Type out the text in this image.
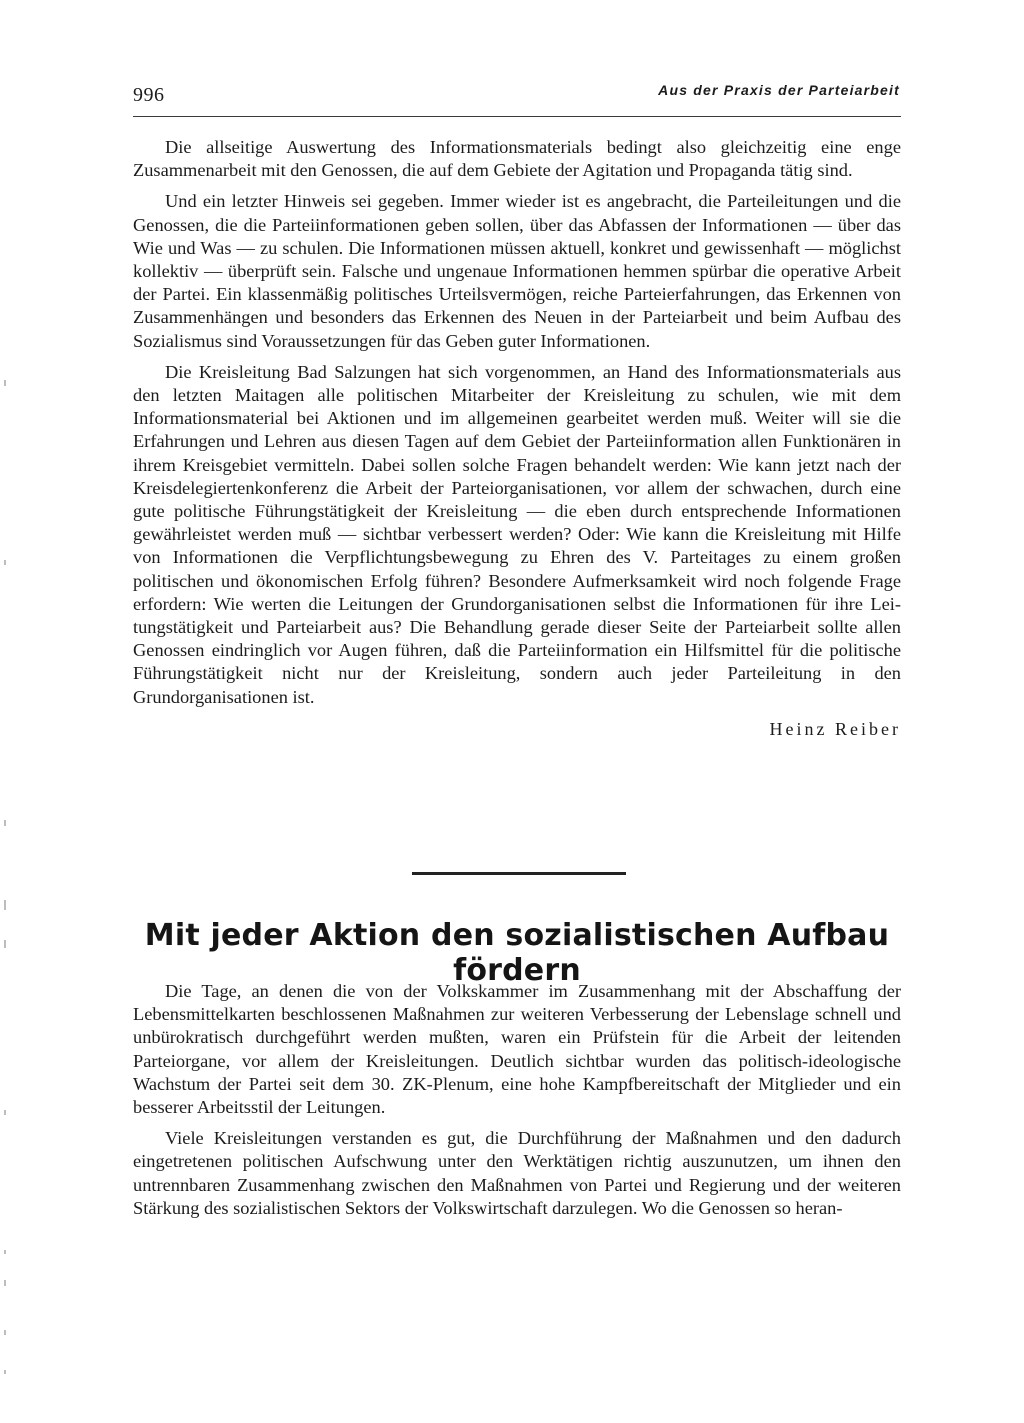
996	Aus der Praxis der Parteiarbeit

Die allseitige Auswertung des Informationsmaterials bedingt also gleichzeitig eine enge Zusammenarbeit mit den Genossen, die auf dem Gebiete der Agitation und Propaganda tätig sind.

Und ein letzter Hinweis sei gegeben. Immer wieder ist es angebracht, die Parteileitungen und die Genossen, die die Parteiinformationen geben sollen, über das Abfassen der Informationen — über das Wie und Was — zu schulen. Die Informationen müssen aktuell, konkret und gewissenhaft — möglichst kollektiv — überprüft sein. Falsche und ungenaue Informationen hemmen spürbar die operative Arbeit der Partei. Ein klassenmäßig politisches Urteilsvermögen, reiche Parteierfahrungen, das Erkennen von Zusammenhängen und besonders das Erkennen des Neuen in der Parteiarbeit und beim Aufbau des Sozialismus sind Voraussetzungen für das Geben guter Informationen.

Die Kreisleitung Bad Salzungen hat sich vorgenommen, an Hand des Informationsmaterials aus den letzten Maitagen alle politischen Mitarbeiter der Kreisleitung zu schulen, wie mit dem Informationsmaterial bei Aktionen und im allgemeinen gearbeitet werden muß. Weiter will sie die Erfahrungen und Lehren aus diesen Tagen auf dem Gebiet der Parteiinformation allen Funktionären in ihrem Kreisgebiet vermitteln. Dabei sollen solche Fragen behandelt werden: Wie kann jetzt nach der Kreisdelegiertenkonferenz die Arbeit der Parteiorganisationen, vor allem der schwachen, durch eine gute politische Führungstätigkeit der Kreisleitung — die eben durch entsprechende Informationen gewährleistet werden muß — sichtbar verbessert werden? Oder: Wie kann die Kreisleitung mit Hilfe von Informationen die Verpflichtungsbewegung zu Ehren des V. Parteitages zu einem großen politischen und ökonomischen Erfolg führen? Besondere Aufmerksamkeit wird noch folgende Frage erfordern: Wie werten die Leitungen der Grundorganisationen selbst die Informationen für ihre Leitungstätigkeit und Parteiarbeit aus? Die Behandlung gerade dieser Seite der Parteiarbeit sollte allen Genossen eindringlich vor Augen führen, daß die Parteiinformation ein Hilfsmittel für die politische Führungstätigkeit nicht nur der Kreisleitung, sondern auch jeder Parteileitung in den Grundorganisationen ist.

Heinz Reiber

Mit jeder Aktion den sozialistischen Aufbau fördern

Die Tage, an denen die von der Volkskammer im Zusammenhang mit der Abschaffung der Lebensmittelkarten beschlossenen Maßnahmen zur weiteren Verbesserung der Lebenslage schnell und unbürokratisch durchgeführt werden mußten, waren ein Prüfstein für die Arbeit der leitenden Parteiorgane, vor allem der Kreisleitungen. Deutlich sichtbar wurden das politisch-ideologische Wachstum der Partei seit dem 30. ZK-Plenum, eine hohe Kampfbereitschaft der Mitglieder und ein besserer Arbeitsstil der Leitungen.

Viele Kreisleitungen verstanden es gut, die Durchführung der Maßnahmen und den dadurch eingetretenen politischen Aufschwung unter den Werktätigen richtig auszunutzen, um ihnen den untrennbaren Zusammenhang zwischen den Maßnahmen von Partei und Regierung und der weiteren Stärkung des sozialistischen Sektors der Volkswirtschaft darzulegen. Wo die Genossen so heran-
